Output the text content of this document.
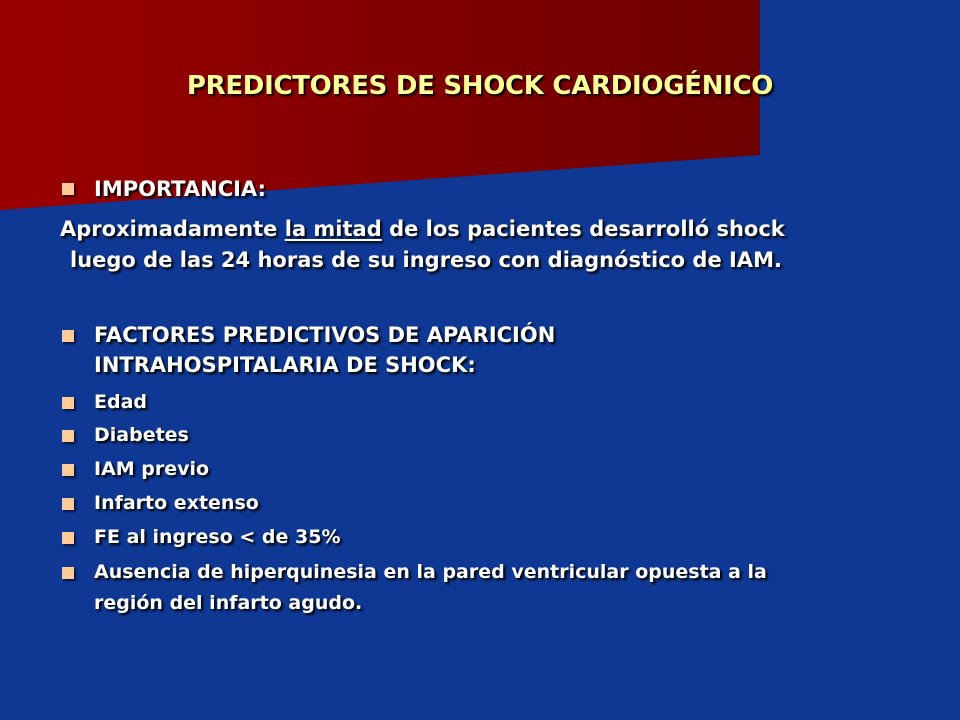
PREDICTORES DE SHOCK CARDIOGÉNICO
IMPORTANCIA:
Aproximadamente la mitad de los pacientes desarrolló shock
luego de las 24 horas de su ingreso con diagnóstico de IAM.
FACTORES PREDICTIVOS DE APARICIÓN
INTRAHOSPITALARIA DE SHOCK:
Edad
Diabetes
IAM previo
Infarto extenso
FE al ingreso < de 35%
Ausencia de hiperquinesia en la pared ventricular opuesta a la
región del infarto agudo.
